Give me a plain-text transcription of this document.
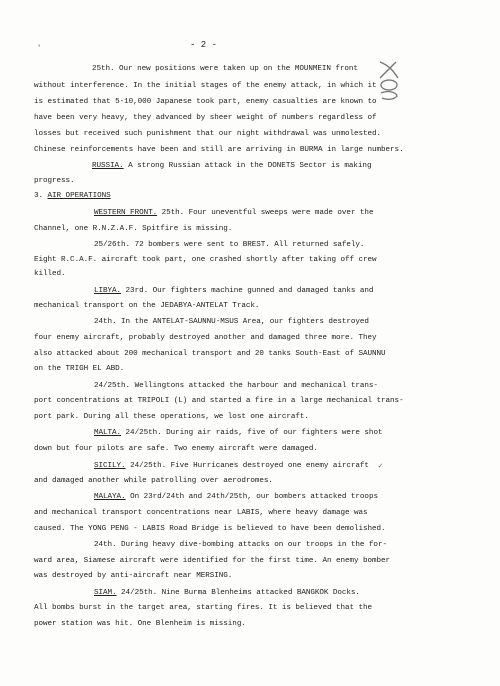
'	- 2 -
25th. Our new positions were taken up on the MOUNMEIN front
without interference. In the initial stages of the enemy attack, in which it
is estimated that 5-10,000 Japanese took part, enemy casualties are known to
have been very heavy, they advanced by sheer weight of numbers regardless of
losses but received such punishment that our night withdrawal was unmolested.
Chinese reinforcements have been and still are arriving in BURMA in large numbers.
RUSSIA. A strong Russian attack in the DONETS Sector is making
progress.
3. AIR OPERATIONS
WESTERN FRONT. 25th. Four uneventful sweeps were made over the
Channel, one R.N.Z.A.F. Spitfire is missing.
25/26th. 72 bombers were sent to BREST. All returned safely.
Eight R.C.A.F. aircraft took part, one crashed shortly after taking off crew
killed.
LIBYA. 23rd. Our fighters machine gunned and damaged tanks and
mechanical transport on the JEDABYA-ANTELAT Track.
24th. In the ANTELAT-SAUNNU-MSUS Area, our fighters destroyed
four enemy aircraft, probably destroyed another and damaged three more. They
also attacked about 200 mechanical transport and 20 tanks South-East of SAUNNU
on the TRIGH EL ABD.
24/25th. Wellingtons attacked the harbour and mechanical trans-
port concentrations at TRIPOLI (L) and started a fire in a large mechanical trans-
port park. During all these operations, we lost one aircraft.
✓
MALTA. 24/25th. During air raids, five of our fighters were shot
down but four pilots are safe. Two enemy aircraft were damaged.
SICILY. 24/25th. Five Hurricanes destroyed one enemy aircraft
and damaged another while patrolling over aerodromes.
MALAYA. On 23rd/24th and 24th/25th, our bombers attacked troops
and mechanical transport concentrations near LABIS, where heavy damage was
caused. The YONG PENG - LABIS Road Bridge is believed to have been demolished.
24th. During heavy dive-bombing attacks on our troops in the for-
ward area, Siamese aircraft were identified for the first time. An enemy bomber
was destroyed by anti-aircraft near MERSING.
SIAM. 24/25th. Nine Burma Blenheims attacked BANGKOK Docks.
All bombs burst in the target area, starting fires. It is believed that the
power station was hit. One Blenheim is missing.
